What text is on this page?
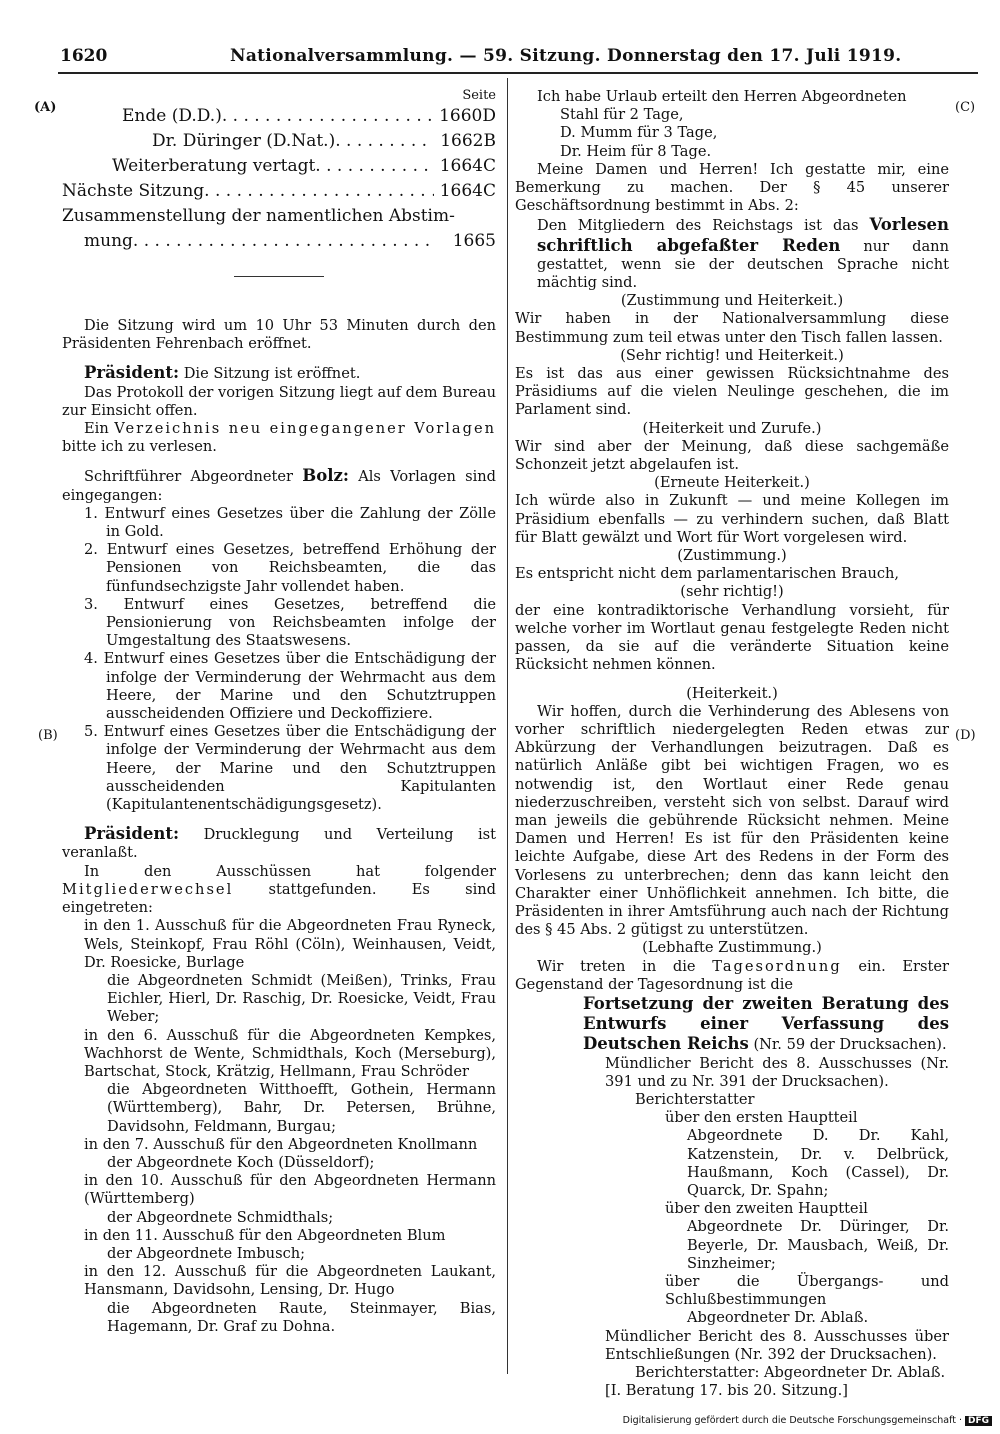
1620	Nationalversammlung. — 59. Sitzung. Donnerstag den 17. Juli 1919.
(A)
(B)
(C)
(D)

Seite

Ende (D.D.) . . .	1660D
Dr. Düringer (D.Nat.) . . .	1662B
Weiterberatung vertagt . . .	1664C
Nächste Sitzung . . .	1664C

Zusammenstellung der namentlichen Abstim-

mung . . .	1665

Die Sitzung wird um 10 Uhr 53 Minuten durch den Präsidenten Fehrenbach eröffnet.

Präsident: Die Sitzung ist eröffnet.

Das Protokoll der vorigen Sitzung liegt auf dem Bureau zur Einsicht offen.

Ein Verzeichnis neu eingegangener Vorlagen bitte ich zu verlesen.

Schriftführer Abgeordneter Bolz: Als Vorlagen sind eingegangen:

1. Entwurf eines Gesetzes über die Zahlung der Zölle in Gold.

2. Entwurf eines Gesetzes, betreffend Erhöhung der Pensionen von Reichsbeamten, die das fünfundsechzigste Jahr vollendet haben.

3. Entwurf eines Gesetzes, betreffend die Pensionierung von Reichsbeamten infolge der Umgestaltung des Staatswesens.

4. Entwurf eines Gesetzes über die Entschädigung der infolge der Verminderung der Wehrmacht aus dem Heere, der Marine und den Schutztruppen ausscheidenden Offiziere und Deckoffiziere.

5. Entwurf eines Gesetzes über die Entschädigung der infolge der Verminderung der Wehrmacht aus dem Heere, der Marine und den Schutztruppen ausscheidenden Kapitulanten (Kapitulantenentschädigungsgesetz).

Präsident: Drucklegung und Verteilung ist veranlaßt.

In den Ausschüssen hat folgender Mitgliederwechsel stattgefunden. Es sind eingetreten:

in den 1. Ausschuß für die Abgeordneten Frau Ryneck, Wels, Steinkopf, Frau Röhl (Cöln), Weinhausen, Veidt, Dr. Roesicke, Burlage

die Abgeordneten Schmidt (Meißen), Trinks, Frau Eichler, Hierl, Dr. Raschig, Dr. Roesicke, Veidt, Frau Weber;

in den 6. Ausschuß für die Abgeordneten Kempkes, Wachhorst de Wente, Schmidthals, Koch (Merseburg), Bartschat, Stock, Krätzig, Hellmann, Frau Schröder

die Abgeordneten Witthoefft, Gothein, Hermann (Württemberg), Bahr, Dr. Petersen, Brühne, Davidsohn, Feldmann, Burgau;

in den 7. Ausschuß für den Abgeordneten Knollmann

der Abgeordnete Koch (Düsseldorf);

in den 10. Ausschuß für den Abgeordneten Hermann (Württemberg)

der Abgeordnete Schmidthals;

in den 11. Ausschuß für den Abgeordneten Blum

der Abgeordnete Imbusch;

in den 12. Ausschuß für die Abgeordneten Laukant, Hansmann, Davidsohn, Lensing, Dr. Hugo

die Abgeordneten Raute, Steinmayer, Bias, Hagemann, Dr. Graf zu Dohna.

Ich habe Urlaub erteilt den Herren Abgeordneten

Stahl für 2 Tage,

D. Mumm für 3 Tage,

Dr. Heim für 8 Tage.

Meine Damen und Herren! Ich gestatte mir, eine Bemerkung zu machen. Der § 45 unserer Geschäftsordnung bestimmt in Abs. 2:

Den Mitgliedern des Reichstags ist das Vorlesen schriftlich abgefaßter Reden nur dann gestattet, wenn sie der deutschen Sprache nicht mächtig sind.

(Zustimmung und Heiterkeit.)

Wir haben in der Nationalversammlung diese Bestimmung zum teil etwas unter den Tisch fallen lassen.

(Sehr richtig! und Heiterkeit.)

Es ist das aus einer gewissen Rücksichtnahme des Präsidiums auf die vielen Neulinge geschehen, die im Parlament sind.

(Heiterkeit und Zurufe.)

Wir sind aber der Meinung, daß diese sachgemäße Schonzeit jetzt abgelaufen ist.

(Erneute Heiterkeit.)

Ich würde also in Zukunft — und meine Kollegen im Präsidium ebenfalls — zu verhindern suchen, daß Blatt für Blatt gewälzt und Wort für Wort vorgelesen wird.

(Zustimmung.)

Es entspricht nicht dem parlamentarischen Brauch,

(sehr richtig!)

der eine kontradiktorische Verhandlung vorsieht, für welche vorher im Wortlaut genau festgelegte Reden nicht passen, da sie auf die veränderte Situation keine Rücksicht nehmen können.

(Heiterkeit.)

Wir hoffen, durch die Verhinderung des Ablesens von vorher schriftlich niedergelegten Reden etwas zur Abkürzung der Verhandlungen beizutragen. Daß es natürlich Anläße gibt bei wichtigen Fragen, wo es notwendig ist, den Wortlaut einer Rede genau niederzuschreiben, versteht sich von selbst. Darauf wird man jeweils die gebührende Rücksicht nehmen. Meine Damen und Herren! Es ist für den Präsidenten keine leichte Aufgabe, diese Art des Redens in der Form des Vorlesens zu unterbrechen; denn das kann leicht den Charakter einer Unhöflichkeit annehmen. Ich bitte, die Präsidenten in ihrer Amtsführung auch nach der Richtung des § 45 Abs. 2 gütigst zu unterstützen.

(Lebhafte Zustimmung.)

Wir treten in die Tagesordnung ein. Erster Gegenstand der Tagesordnung ist die

Fortsetzung der zweiten Beratung des Entwurfs einer Verfassung des Deutschen Reichs (Nr. 59 der Drucksachen).

Mündlicher Bericht des 8. Ausschusses (Nr. 391 und zu Nr. 391 der Drucksachen).

Berichterstatter

über den ersten Hauptteil

Abgeordnete D. Dr. Kahl, Katzenstein, Dr. v. Delbrück, Haußmann, Koch (Cassel), Dr. Quarck, Dr. Spahn;

über den zweiten Hauptteil

Abgeordnete Dr. Düringer, Dr. Beyerle, Dr. Mausbach, Weiß, Dr. Sinzheimer;

über die Übergangs- und Schlußbestimmungen

Abgeordneter Dr. Ablaß.

Mündlicher Bericht des 8. Ausschusses über Entschließungen (Nr. 392 der Drucksachen).

Berichterstatter: Abgeordneter Dr. Ablaß.

[I. Beratung 17. bis 20. Sitzung.]

Digitalisierung gefördert durch die Deutsche Forschungsgemeinschaft · DFG
